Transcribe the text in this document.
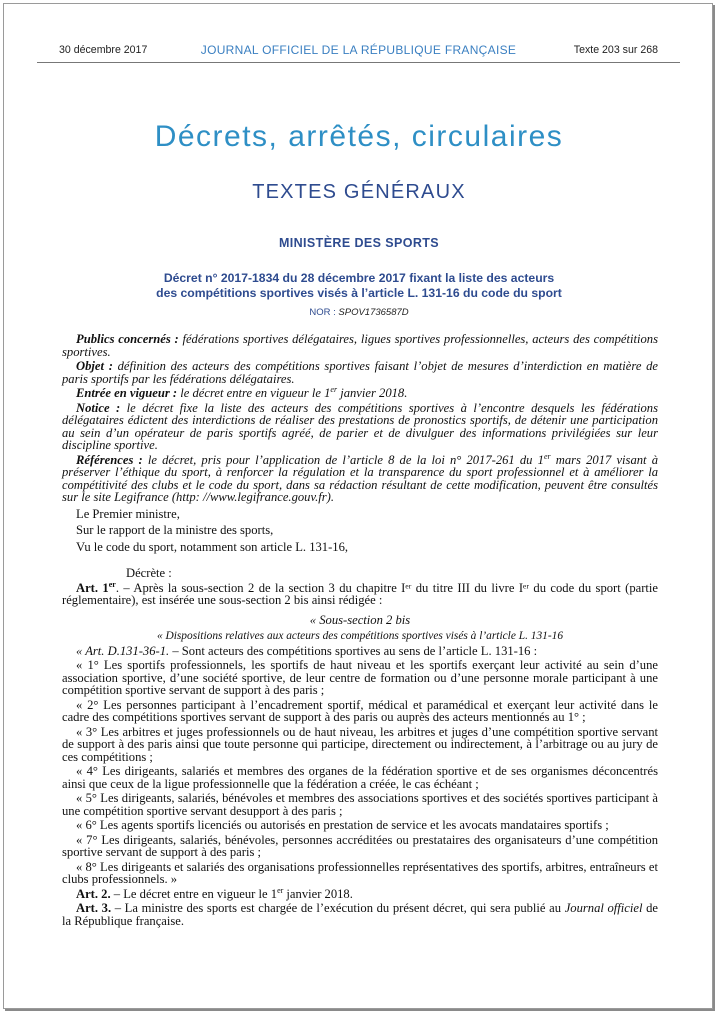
30 décembre 2017	JOURNAL OFFICIEL DE LA RÉPUBLIQUE FRANÇAISE	Texte 203 sur 268
Décrets, arrêtés, circulaires
TEXTES GÉNÉRAUX
MINISTÈRE DES SPORTS
Décret n° 2017-1834 du 28 décembre 2017 fixant la liste des acteurs
des compétitions sportives visés à l’article L. 131-16 du code du sport
NOR : SPOV1736587D

Publics concernés : fédérations sportives délégataires, ligues sportives professionnelles, acteurs des compétitions sportives.

Objet : définition des acteurs des compétitions sportives faisant l’objet de mesures d’interdiction en matière de paris sportifs par les fédérations délégataires.

Entrée en vigueur : le décret entre en vigueur le 1er janvier 2018.

Notice : le décret fixe la liste des acteurs des compétitions sportives à l’encontre desquels les fédérations délégataires édictent des interdictions de réaliser des prestations de pronostics sportifs, de détenir une participation au sein d’un opérateur de paris sportifs agréé, de parier et de divulguer des informations privilégiées sur leur discipline sportive.

Références : le décret, pris pour l’application de l’article 8 de la loi n° 2017-261 du 1er mars 2017 visant à préserver l’éthique du sport, à renforcer la régulation et la transparence du sport professionnel et à améliorer la compétitivité des clubs et le code du sport, dans sa rédaction résultant de cette modification, peuvent être consultés sur le site Legifrance (http: //www.legifrance.gouv.fr).

Le Premier ministre,

Sur le rapport de la ministre des sports,

Vu le code du sport, notamment son article L. 131-16,

Décrète :

Art. 1er. – Après la sous-section 2 de la section 3 du chapitre Iᵉʳ du titre III du livre Iᵉʳ du code du sport (partie réglementaire), est insérée une sous-section 2 bis ainsi rédigée :

« Sous-section 2 bis

« Dispositions relatives aux acteurs des compétitions sportives visés à l’article L. 131-16

« Art. D.131-36-1. – Sont acteurs des compétitions sportives au sens de l’article L. 131-16 :

« 1° Les sportifs professionnels, les sportifs de haut niveau et les sportifs exerçant leur activité au sein d’une association sportive, d’une société sportive, de leur centre de formation ou d’une personne morale participant à une compétition sportive servant de support à des paris ;

« 2° Les personnes participant à l’encadrement sportif, médical et paramédical et exerçant leur activité dans le cadre des compétitions sportives servant de support à des paris ou auprès des acteurs mentionnés au 1° ;

« 3° Les arbitres et juges professionnels ou de haut niveau, les arbitres et juges d’une compétition sportive servant de support à des paris ainsi que toute personne qui participe, directement ou indirectement, à l’arbitrage ou au jury de ces compétitions ;

« 4° Les dirigeants, salariés et membres des organes de la fédération sportive et de ses organismes déconcentrés ainsi que ceux de la ligue professionnelle que la fédération a créée, le cas échéant ;

« 5° Les dirigeants, salariés, bénévoles et membres des associations sportives et des sociétés sportives participant à une compétition sportive servant desupport à des paris ;

« 6° Les agents sportifs licenciés ou autorisés en prestation de service et les avocats mandataires sportifs ;

« 7° Les dirigeants, salariés, bénévoles, personnes accréditées ou prestataires des organisateurs d’une compétition sportive servant de support à des paris ;

« 8° Les dirigeants et salariés des organisations professionnelles représentatives des sportifs, arbitres, entraîneurs et clubs professionnels. »

Art. 2. – Le décret entre en vigueur le 1er janvier 2018.

Art. 3. – La ministre des sports est chargée de l’exécution du présent décret, qui sera publié au Journal officiel de la République française.
